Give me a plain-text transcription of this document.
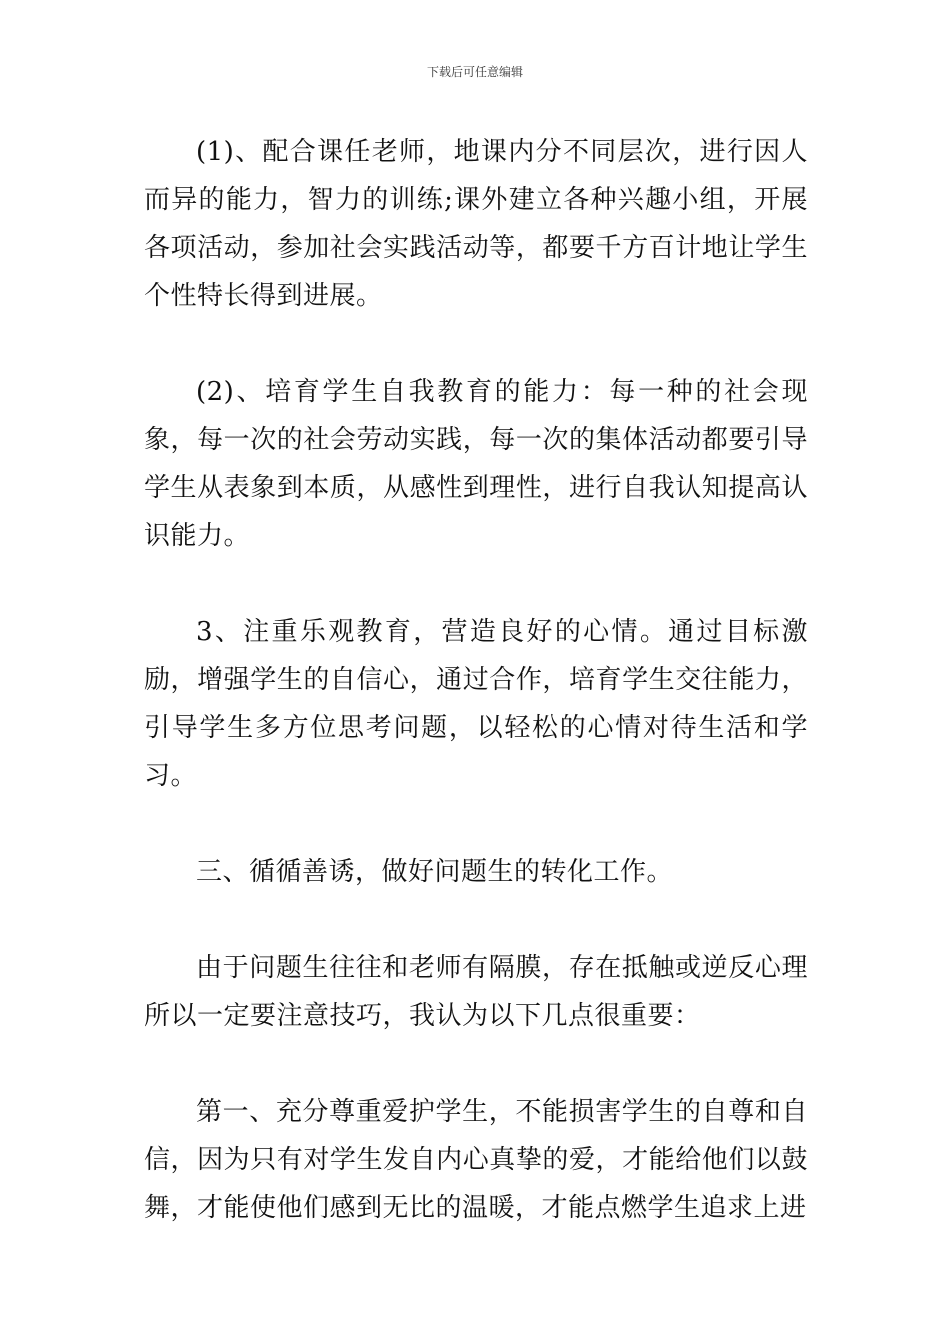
下载后可任意编辑

(1)、配合课任老师，地课内分不同层次，进行因人而异的能力，智力的训练;课外建立各种兴趣小组，开展各项活动，参加社会实践活动等，都要千方百计地让学生个性特长得到进展。

(2)、培育学生自我教育的能力：每一种的社会现象，每一次的社会劳动实践，每一次的集体活动都要引导学生从表象到本质，从感性到理性，进行自我认知提高认识能力。

3、注重乐观教育，营造良好的心情。通过目标激励，增强学生的自信心，通过合作，培育学生交往能力，引导学生多方位思考问题，以轻松的心情对待生活和学习。

三、循循善诱，做好问题生的转化工作。

由于问题生往往和老师有隔膜，存在抵触或逆反心理所以一定要注意技巧，我认为以下几点很重要：

第一、充分尊重爱护学生，不能损害学生的自尊和自信，因为只有对学生发自内心真挚的爱，才能给他们以鼓舞，才能使他们感到无比的温暖，才能点燃学生追求上进
